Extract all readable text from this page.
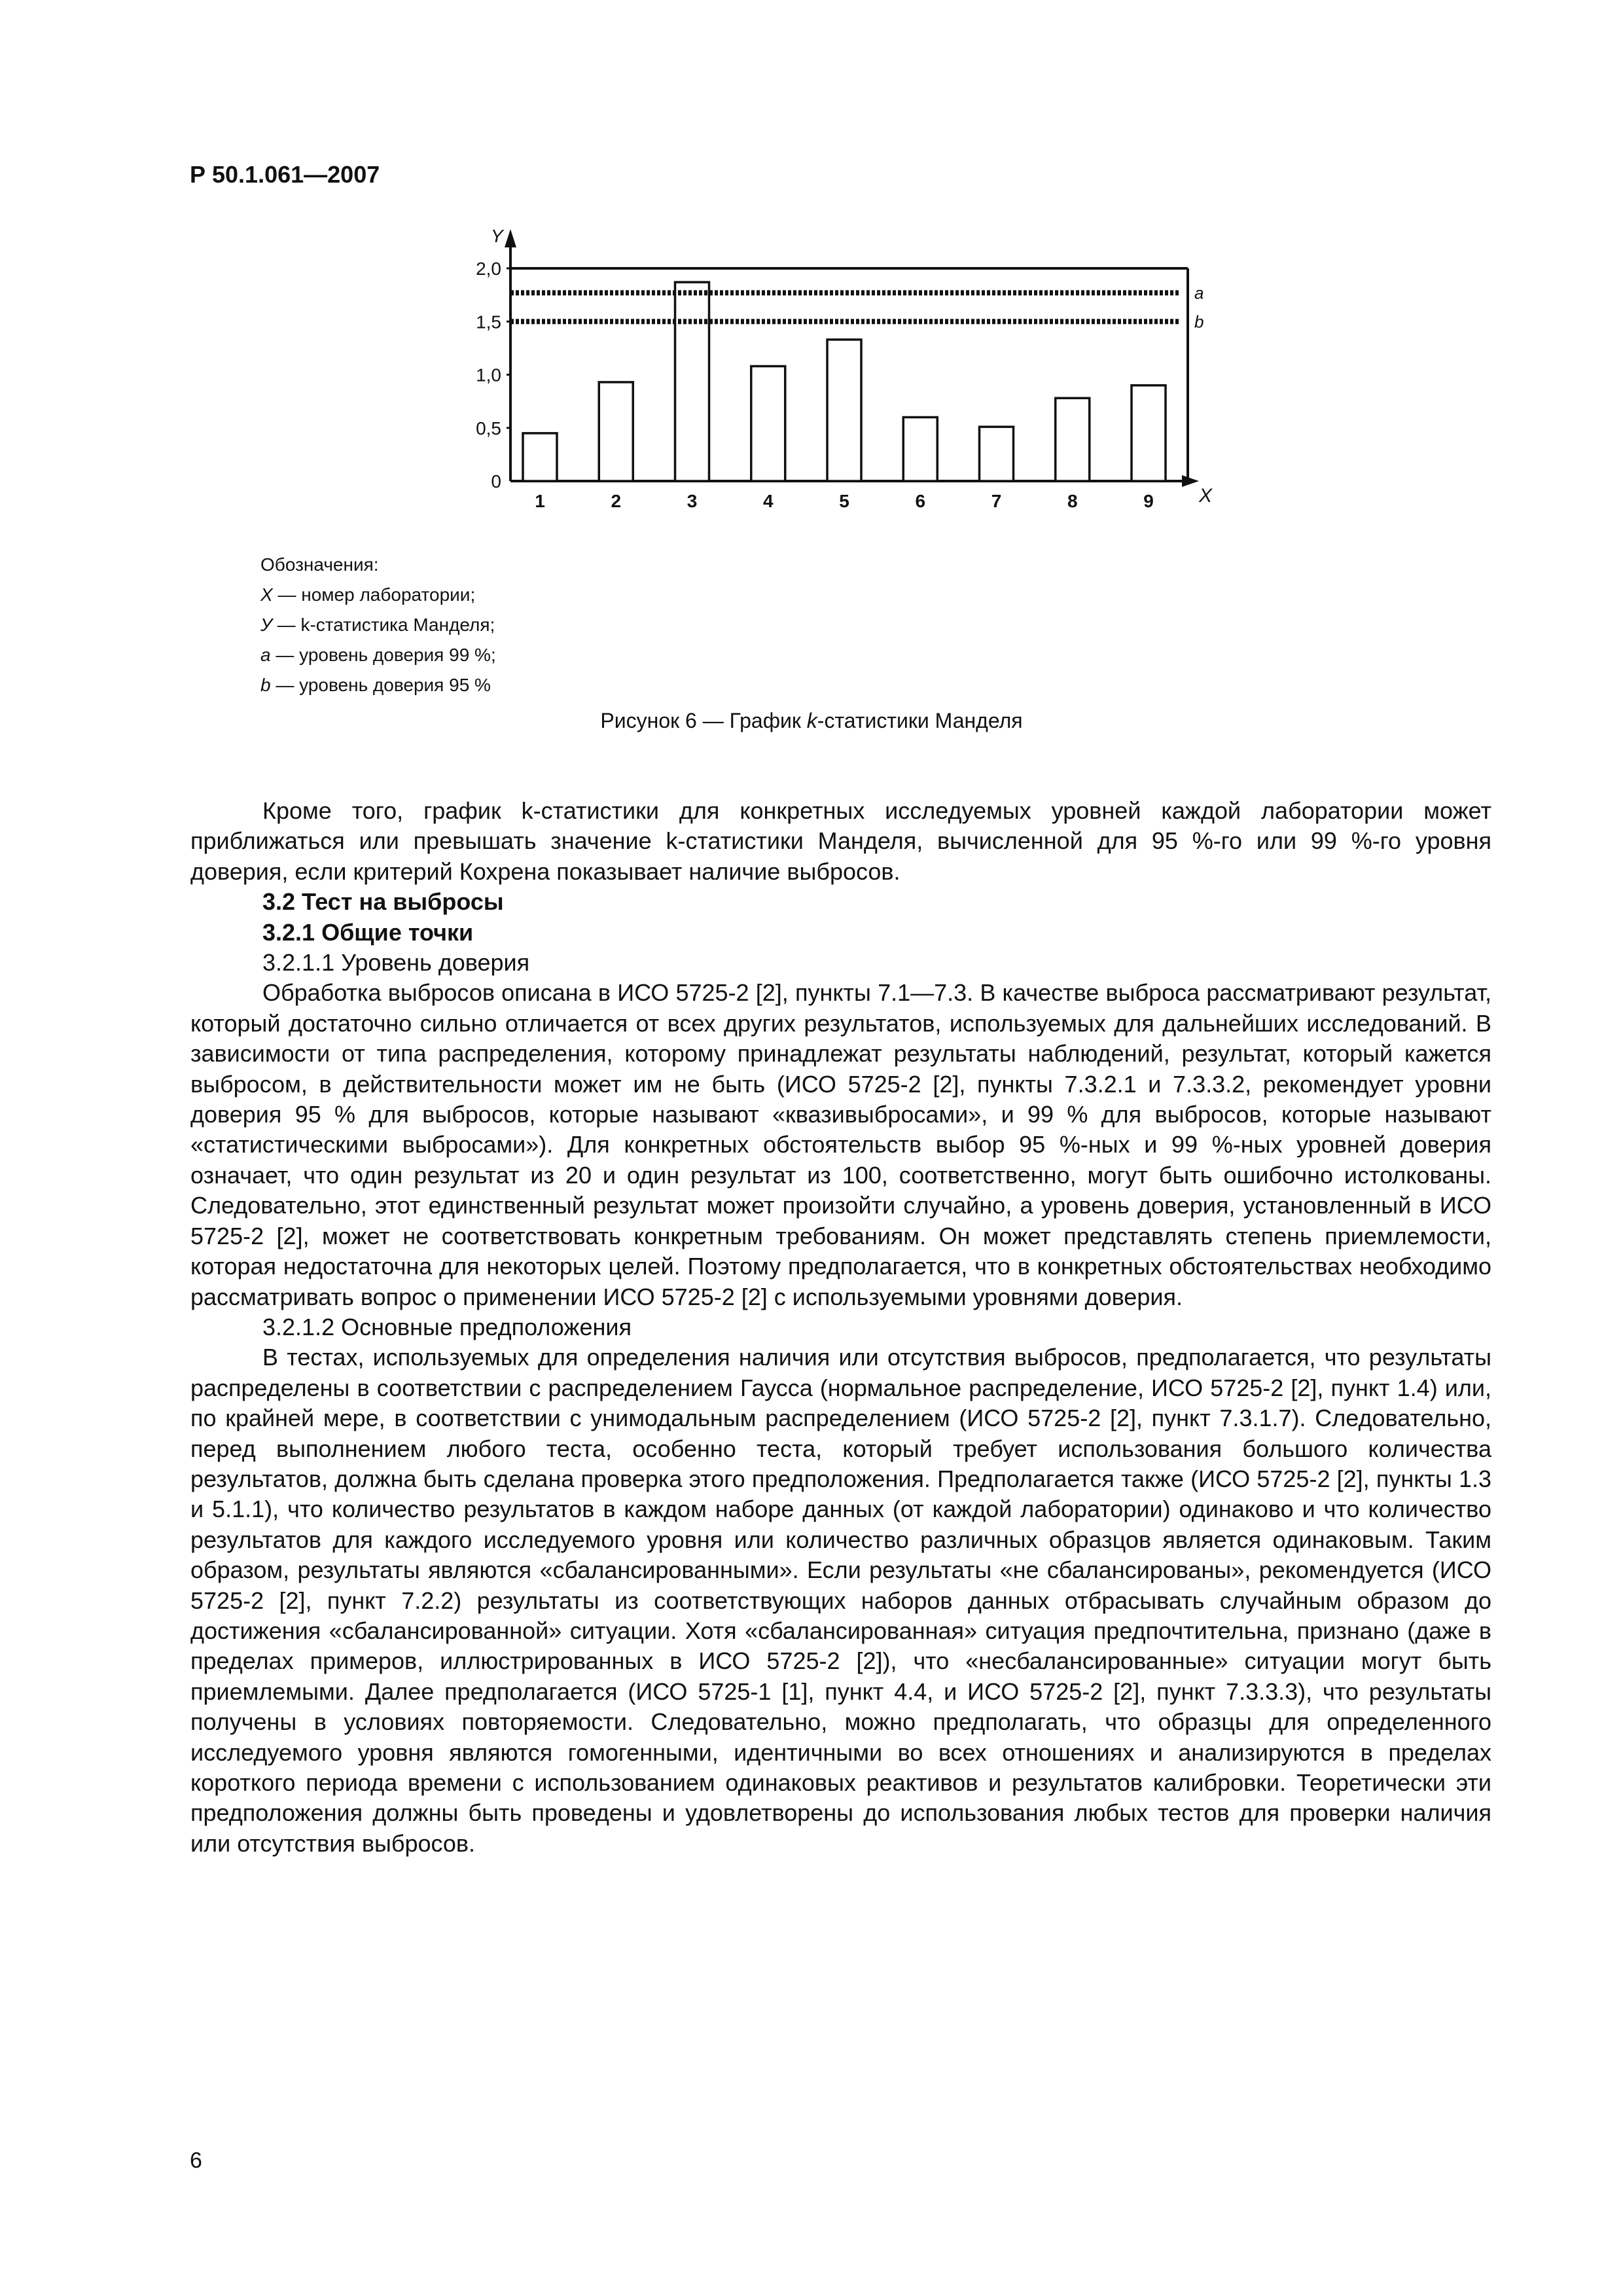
Р 50.1.061—2007
Y
X
0
0,5
1,0
1,5
2,0
1	2	3	4	5	6	7	8	9
a
b
Обозначения:
X — номер лаборатории;
У — k-статистика Манделя;
a — уровень доверия 99 %;
b — уровень доверия 95 %
Рисунок 6 — График k-статистики Манделя

Кроме того, график k-статистики для конкретных исследуемых уровней каждой лаборатории может приближаться или превышать значение k-статистики Манделя, вычисленной для 95 %-го или 99 %-го уровня доверия, если критерий Кохрена показывает наличие выбросов.

3.2 Тест на выбросы
3.2.1 Общие точки
3.2.1.1 Уровень доверия

Обработка выбросов описана в ИСО 5725-2 [2], пункты 7.1—7.3. В качестве выброса рассматривают результат, который достаточно сильно отличается от всех других результатов, используемых для дальнейших исследований. В зависимости от типа распределения, которому принадлежат результаты наблюдений, результат, который кажется выбросом, в действительности может им не быть (ИСО 5725-2 [2], пункты 7.3.2.1 и 7.3.3.2, рекомендует уровни доверия 95 % для выбросов, которые называют «квазивыбросами», и 99 % для выбросов, которые называют «статистическими выбросами»). Для конкретных обстоятельств выбор 95 %-ных и 99 %-ных уровней доверия означает, что один результат из 20 и один результат из 100, соответственно, могут быть ошибочно истолкованы. Следовательно, этот единственный результат может произойти случайно, а уровень доверия, установленный в ИСО 5725-2 [2], может не соответствовать конкретным требованиям. Он может представлять степень приемлемости, которая недостаточна для некоторых целей. Поэтому предполагается, что в конкретных обстоятельствах необходимо рассматривать вопрос о применении ИСО 5725-2 [2] с используемыми уровнями доверия.

3.2.1.2 Основные предположения

В тестах, используемых для определения наличия или отсутствия выбросов, предполагается, что результаты распределены в соответствии с распределением Гаусса (нормальное распределение, ИСО 5725-2 [2], пункт 1.4) или, по крайней мере, в соответствии с унимодальным распределением (ИСО 5725-2 [2], пункт 7.3.1.7). Следовательно, перед выполнением любого теста, особенно теста, который требует использования большого количества результатов, должна быть сделана проверка этого предположения. Предполагается также (ИСО 5725-2 [2], пункты 1.3 и 5.1.1), что количество результатов в каждом наборе данных (от каждой лаборатории) одинаково и что количество результатов для каждого исследуемого уровня или количество различных образцов является одинаковым. Таким образом, результаты являются «сбалансированными». Если результаты «не сбалансированы», рекомендуется (ИСО 5725-2 [2], пункт 7.2.2) результаты из соответствующих наборов данных отбрасывать случайным образом до достижения «сбалансированной» ситуации. Хотя «сбалансированная» ситуация предпочтительна, признано (даже в пределах примеров, иллюстрированных в ИСО 5725-2 [2]), что «несбалансированные» ситуации могут быть приемлемыми. Далее предполагается (ИСО 5725-1 [1], пункт 4.4, и ИСО 5725-2 [2], пункт 7.3.3.3), что результаты получены в условиях повторяемости. Следовательно, можно предполагать, что образцы для определенного исследуемого уровня являются гомогенными, идентичными во всех отношениях и анализируются в пределах короткого периода времени с использованием одинаковых реактивов и результатов калибровки. Теоретически эти предположения должны быть проведены и удовлетворены до использования любых тестов для проверки наличия или отсутствия выбросов.

6
